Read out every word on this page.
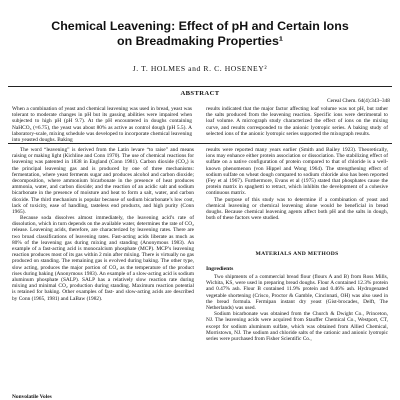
Chemical Leavening: Effect of pH and Certain Ions
on Breadmaking Properties¹
J. T. HOLMES and R. C. HOSENEY²
ABSTRACT
Cereal Chem. 64(4):343–348
When a combination of yeast and chemical leavening was used in bread, yeast was tolerant to moderate changes in pH but its gassing abilities were impaired when subjected to high pH (pH 9.7). At the pH encountered in doughs containing NaHCO₃ (≈6.75), the yeast was about 80% as active as control dough (pH 5.5). A laboratory-scale, mixing schedule was developed to incorporate chemical leavening into yeasted doughs. Baking
results indicated that the major factor affecting loaf volume was not pH, but rather the salts produced from the leavening reaction. Specific ions were detrimental to loaf volume. A micrograph study characterized the effect of ions on the mixing curve, and results corresponded to the anionic lyotropic series. A baking study of selected ions of the anionic lyotropic series supported the mixograph results.

The word “leavening” is derived from the Latin levare “to raise” and means raising or making light (Kichline and Conn 1970). The use of chemical reactions for leavening was patented in 1838 in England (Conn 1981). Carbon dioxide (CO₂) is the principal leavening gas and is produced by one of three mechanisms: fermentation, where yeast ferments sugar and produces alcohol and carbon dioxide; decomposition, where ammonium bicarbonate in the presence of heat produces ammonia, water, and carbon dioxide; and the reaction of an acidic salt and sodium bicarbonate in the presence of moisture and heat to form a salt, water, and carbon dioxide. The third mechanism is popular because of sodium bicarbonate’s low cost, lack of toxicity, ease of handling, tasteless end products, and high purity (Conn 1965).

Because soda dissolves almost immediately, the leavening acid’s rate of dissolution, which in turn depends on the available water, determines the rate of CO₂ release. Leavening acids, therefore, are characterized by leavening rates. There are two broad classifications of leavening rates. Fast-acting acids liberate as much as 80% of the leavening gas during mixing and standing (Anonymous 1983). An example of a fast-acting acid is monocalcium phosphate (MCP). MCP’s leavening reaction produces most of its gas within 2 min after mixing. There is virtually no gas produced on standing. The remaining gas is evolved during baking. The other type, slow acting, produces the major portion of CO₂ as the temperature of the product rises during baking (Anonymous 1983). An example of a slow-acting acid is sodium aluminum phosphate (SALP). SALP has a relatively slow reaction rate during mixing and minimal CO₂ production during standing. Maximum reaction potential is retained for baking. Other examples of fast- and slow-acting acids are described by Conn (1965, 1981) and LaBaw (1982).

Nonvolatile Voles

results were reported many years earlier (Smith and Bailey 1923). Theoretically, ions may enhance either protein association or dissociation. The stabilizing effect of sulfate on a native configuration of protein compared to that of chloride is a well-known phenomenon (von Hippel and Wong 1964). The strengthening effect of sodium sulfate on wheat dough compared to sodium chloride also has been reported (Fey et al 1967). Furthermore, Evans et al (1975) stated that phosphates cause the protein matrix in spaghetti to retract, which inhibits the development of a cohesive continuous matrix.

The purpose of this study was to determine if a combination of yeast and chemical leavening or chemical leavening alone would be beneficial in bread doughs. Because chemical leavening agents affect both pH and the salts in dough, both of these factors were studied.

MATERIALS AND METHODS
Ingredients

Two shipments of a commercial bread flour (flours A and B) from Ross Mills, Wichita, KS, were used in preparing bread doughs. Flour A contained 12.3% protein and 0.47% ash. Flour B contained 11.9% protein and 0.46% ash. Hydrogenated vegetable shortening (Crisco, Proctor & Gamble, Cincinnati, OH) was also used in the bread formula. Fermipan instant dry yeast (Gist-brocades, Delft, The Netherlands) was used.

Sodium bicarbonate was obtained from the Church & Dwight Co., Princeton, NJ. The leavening acids were acquired from Stauffer Chemical Co., Westport, CT, except for sodium aluminum sulfate, which was obtained from Allied Chemical, Morristown, NJ. The sodium and chloride salts of the cationic and anionic lyotropic series were purchased from Fisher Scientific Co.,
